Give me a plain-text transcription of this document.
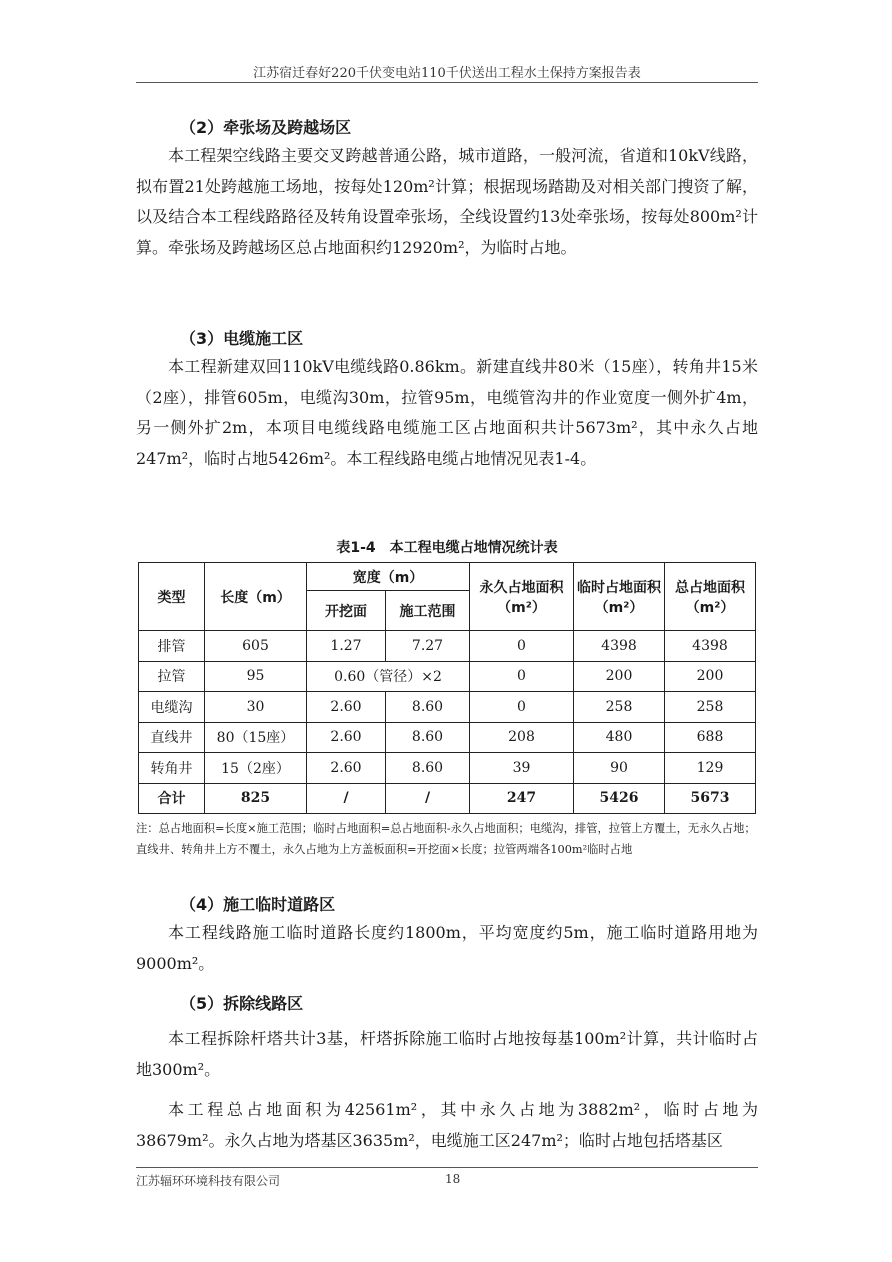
江苏宿迁春好220千伏变电站110千伏送出工程水土保持方案报告表
（2）牵张场及跨越场区

本工程架空线路主要交叉跨越普通公路，城市道路，一般河流，省道和10kV线路，拟布置21处跨越施工场地，按每处120m²计算；根据现场踏勘及对相关部门搜资了解，以及结合本工程线路路径及转角设置牵张场，全线设置约13处牵张场，按每处800m²计算。牵张场及跨越场区总占地面积约12920m²，为临时占地。

（3）电缆施工区

本工程新建双回110kV电缆线路0.86km。新建直线井80米（15座），转角井15米（2座），排管605m，电缆沟30m，拉管95m，电缆管沟井的作业宽度一侧外扩4m，另一侧外扩2m，本项目电缆线路电缆施工区占地面积共计5673m²，其中永久占地247m²，临时占地5426m²。本工程线路电缆占地情况见表1-4。

表1-4　本工程电缆占地情况统计表
类型	长度（m）	宽度（m）		永久占地面积（m²）	临时占地面积（m²）	总占地面积（m²）
		开挖面	施工范围			
排管	605	1.27	7.27	0	4398	4398
拉管	95	0.60（管径）×2		0	200	200
电缆沟	30	2.60	8.60	0	258	258
直线井	80（15座）	2.60	8.60	208	480	688
转角井	15（2座）	2.60	8.60	39	90	129
合计	825	/	/	247	5426	5673

注：总占地面积=长度×施工范围；临时占地面积=总占地面积-永久占地面积；电缆沟，排管，拉管上方覆土，无永久占地；直线井、转角井上方不覆土，永久占地为上方盖板面积=开挖面×长度；拉管两端各100m²临时占地

（4）施工临时道路区

本工程线路施工临时道路长度约1800m，平均宽度约5m，施工临时道路用地为9000m²。

（5）拆除线路区

本工程拆除杆塔共计3基，杆塔拆除施工临时占地按每基100m²计算，共计临时占地300m²。

本工程总占地面积为42561m²，其中永久占地为3882m²，临时占地为38679m²。永久占地为塔基区3635m²，电缆施工区247m²；临时占地包括塔基区

江苏辐环环境科技有限公司	18
